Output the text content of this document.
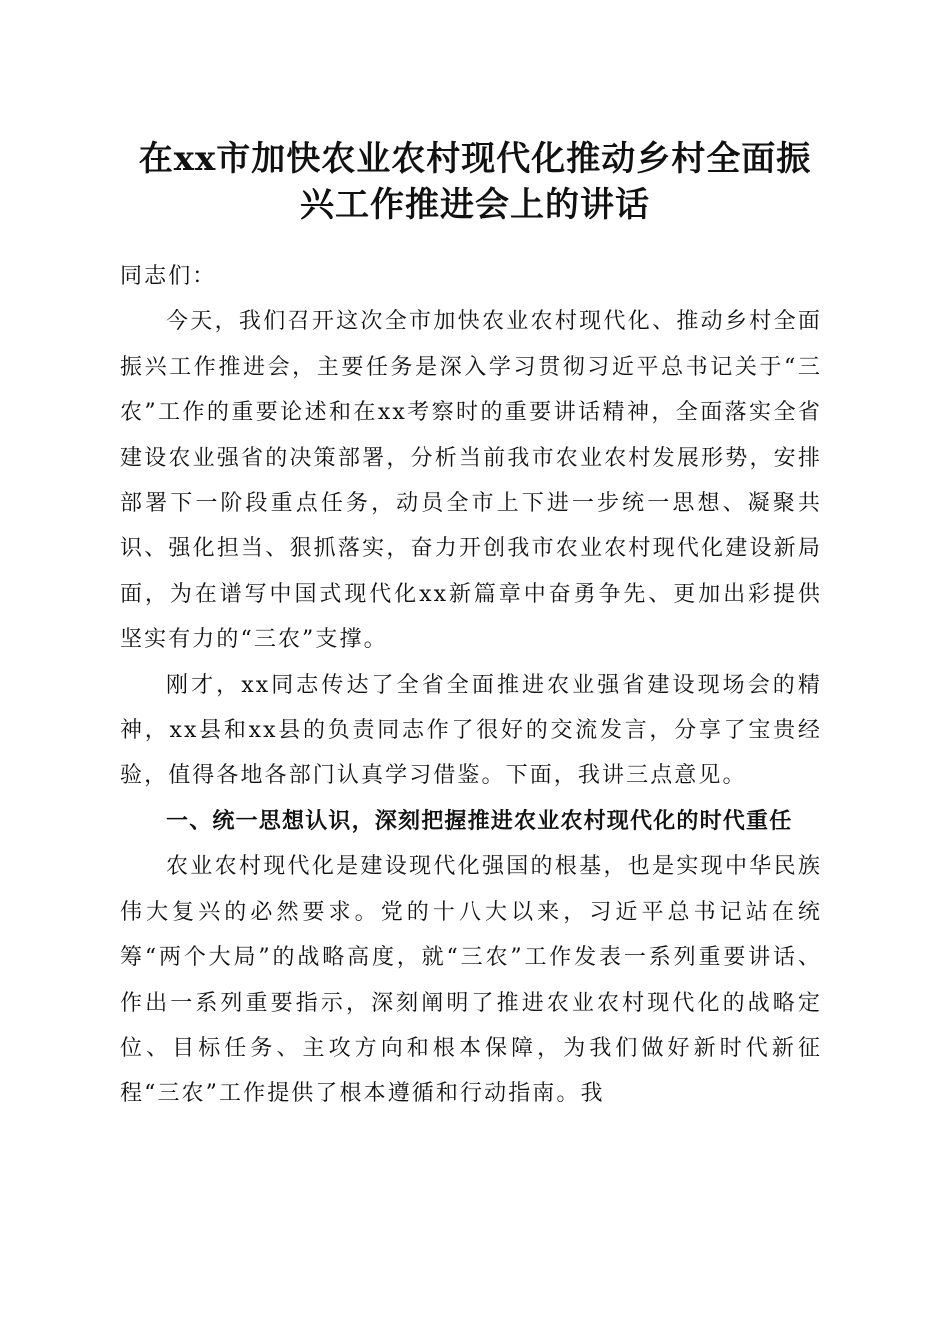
在xx市加快农业农村现代化推动乡村全面振
兴工作推进会上的讲话

同志们：

今天，我们召开这次全市加快农业农村现代化、推动乡村全面振兴工作推进会，主要任务是深入学习贯彻习近平总书记关于“三农”工作的重要论述和在xx考察时的重要讲话精神，全面落实全省建设农业强省的决策部署，分析当前我市农业农村发展形势，安排部署下一阶段重点任务，动员全市上下进一步统一思想、凝聚共识、强化担当、狠抓落实，奋力开创我市农业农村现代化建设新局面，为在谱写中国式现代化xx新篇章中奋勇争先、更加出彩提供坚实有力的“三农”支撑。

刚才，xx同志传达了全省全面推进农业强省建设现场会的精神，xx县和xx县的负责同志作了很好的交流发言，分享了宝贵经验，值得各地各部门认真学习借鉴。下面，我讲三点意见。

一、统一思想认识，深刻把握推进农业农村现代化的时代重任

农业农村现代化是建设现代化强国的根基，也是实现中华民族伟大复兴的必然要求。党的十八大以来，习近平总书记站在统筹“两个大局”的战略高度，就“三农”工作发表一系列重要讲话、作出一系列重要指示，深刻阐明了推进农业农村现代化的战略定位、目标任务、主攻方向和根本保障，为我们做好新时代新征程“三农”工作提供了根本遵循和行动指南。我
